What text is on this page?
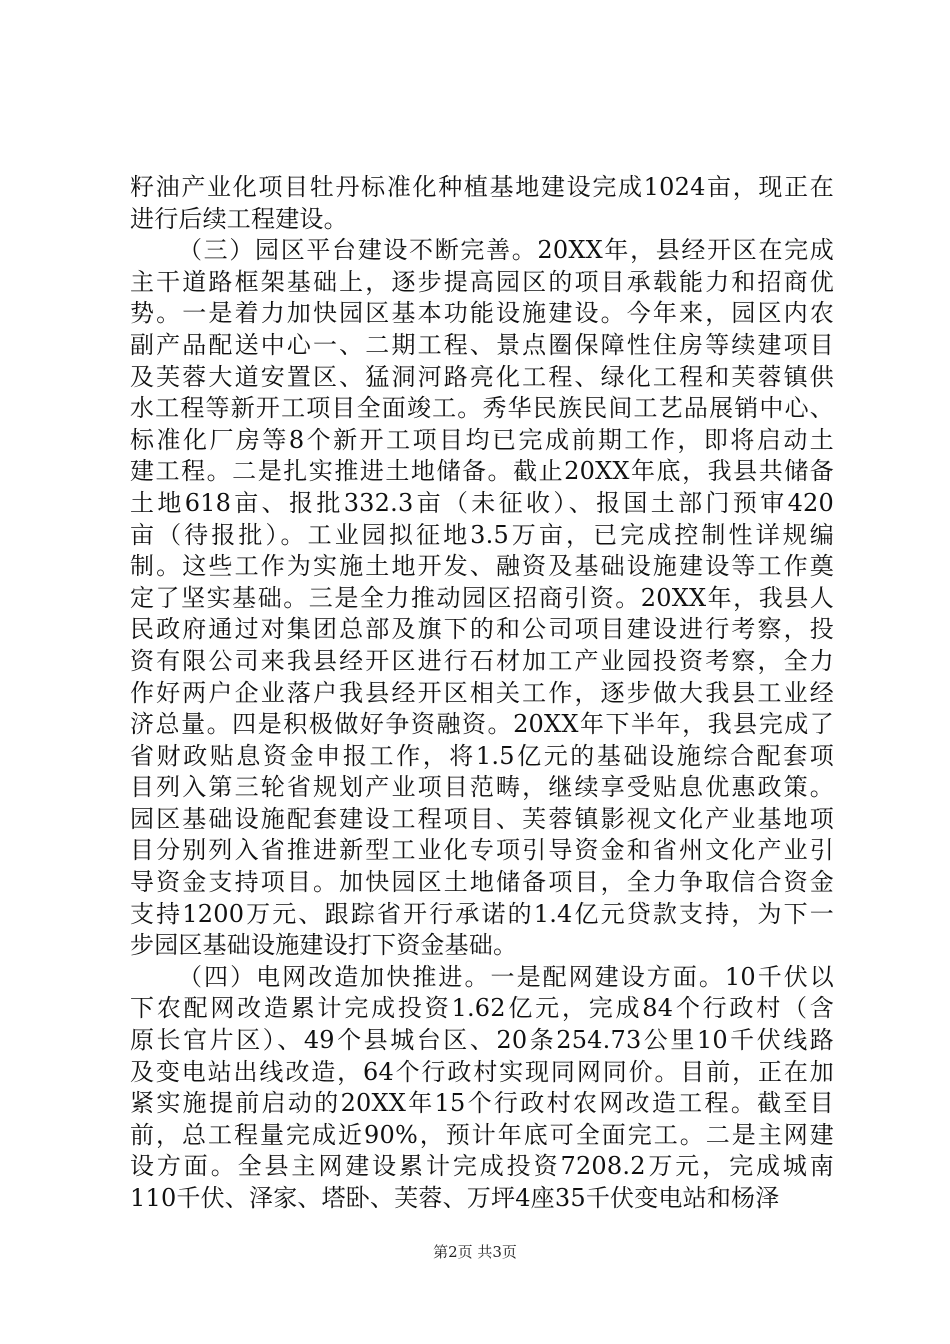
籽油产业化项目牡丹标准化种植基地建设完成1024亩，现正在
进行后续工程建设。
（三）园区平台建设不断完善。20XX年，县经开区在完成
主干道路框架基础上，逐步提高园区的项目承载能力和招商优
势。一是着力加快园区基本功能设施建设。今年来，园区内农
副产品配送中心一、二期工程、景点圈保障性住房等续建项目
及芙蓉大道安置区、猛洞河路亮化工程、绿化工程和芙蓉镇供
水工程等新开工项目全面竣工。秀华民族民间工艺品展销中心、
标准化厂房等8个新开工项目均已完成前期工作，即将启动土
建工程。二是扎实推进土地储备。截止20XX年底，我县共储备
土地618亩、报批332.3亩（未征收）、报国土部门预审420
亩（待报批）。工业园拟征地3.5万亩，已完成控制性详规编
制。这些工作为实施土地开发、融资及基础设施建设等工作奠
定了坚实基础。三是全力推动园区招商引资。20XX年，我县人
民政府通过对集团总部及旗下的和公司项目建设进行考察，投
资有限公司来我县经开区进行石材加工产业园投资考察，全力
作好两户企业落户我县经开区相关工作，逐步做大我县工业经
济总量。四是积极做好争资融资。20XX年下半年，我县完成了
省财政贴息资金申报工作，将1.5亿元的基础设施综合配套项
目列入第三轮省规划产业项目范畴，继续享受贴息优惠政策。
园区基础设施配套建设工程项目、芙蓉镇影视文化产业基地项
目分别列入省推进新型工业化专项引导资金和省州文化产业引
导资金支持项目。加快园区土地储备项目，全力争取信合资金
支持1200万元、跟踪省开行承诺的1.4亿元贷款支持，为下一
步园区基础设施建设打下资金基础。
（四）电网改造加快推进。一是配网建设方面。10千伏以
下农配网改造累计完成投资1.62亿元，完成84个行政村（含
原长官片区）、49个县城台区、20条254.73公里10千伏线路
及变电站出线改造，64个行政村实现同网同价。目前，正在加
紧实施提前启动的20XX年15个行政村农网改造工程。截至目
前，总工程量完成近90%，预计年底可全面完工。二是主网建
设方面。全县主网建设累计完成投资7208.2万元，完成城南
110千伏、泽家、塔卧、芙蓉、万坪4座35千伏变电站和杨泽
第2页 共3页
